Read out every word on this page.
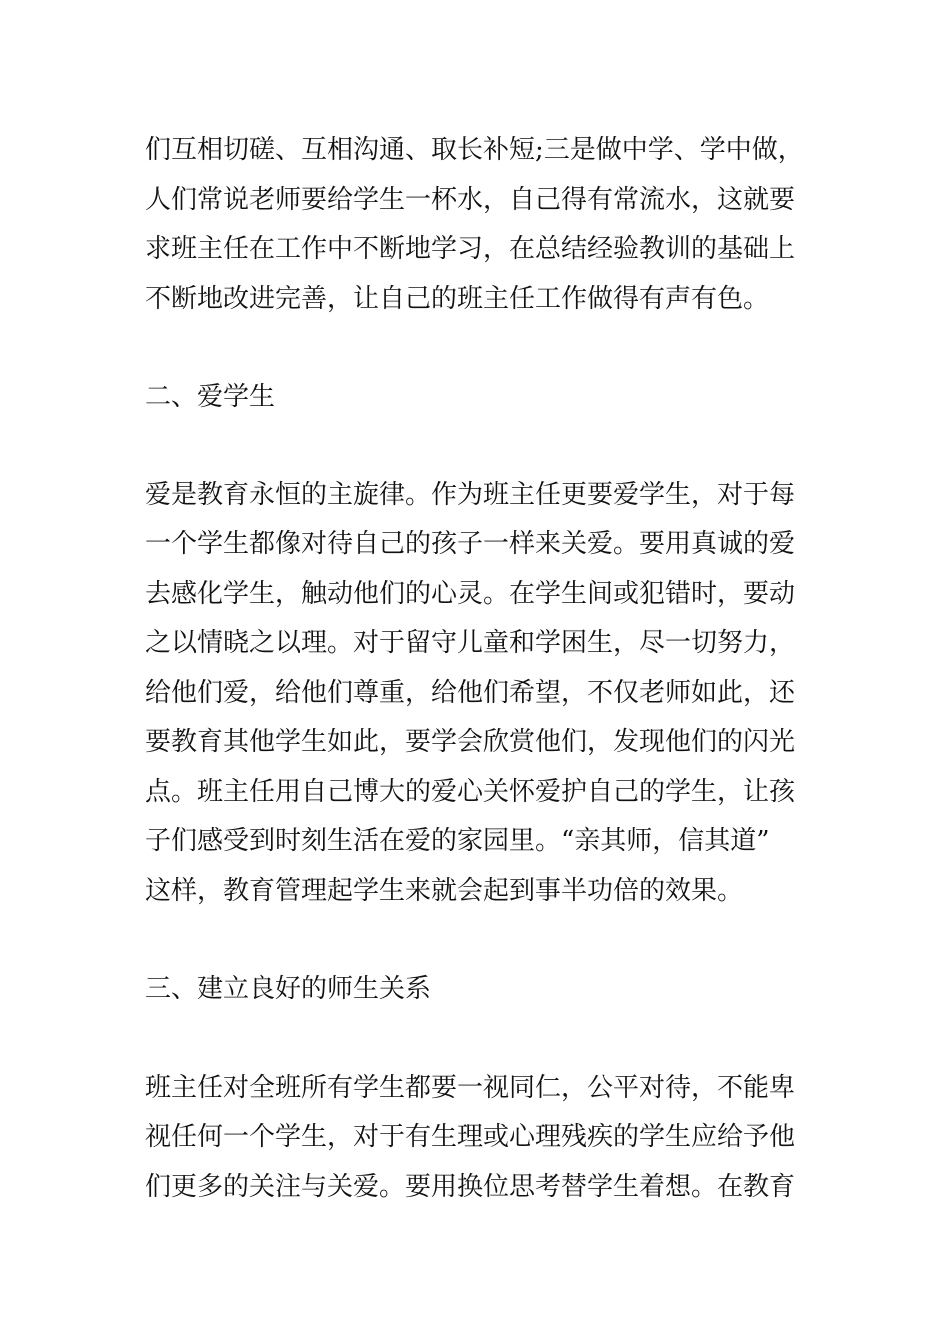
们互相切磋、互相沟通、取长补短;三是做中学、学中做，
人们常说老师要给学生一杯水，自己得有常流水，这就要
求班主任在工作中不断地学习，在总结经验教训的基础上
不断地改进完善，让自己的班主任工作做得有声有色。
二、爱学生
爱是教育永恒的主旋律。作为班主任更要爱学生，对于每
一个学生都像对待自己的孩子一样来关爱。要用真诚的爱
去感化学生，触动他们的心灵。在学生间或犯错时，要动
之以情晓之以理。对于留守儿童和学困生，尽一切努力，
给他们爱，给他们尊重，给他们希望，不仅老师如此，还
要教育其他学生如此，要学会欣赏他们，发现他们的闪光
点。班主任用自己博大的爱心关怀爱护自己的学生，让孩
子们感受到时刻生活在爱的家园里。“亲其师，信其道”
这样，教育管理起学生来就会起到事半功倍的效果。
三、建立良好的师生关系
班主任对全班所有学生都要一视同仁，公平对待，不能卑
视任何一个学生，对于有生理或心理残疾的学生应给予他
们更多的关注与关爱。要用换位思考替学生着想。在教育
